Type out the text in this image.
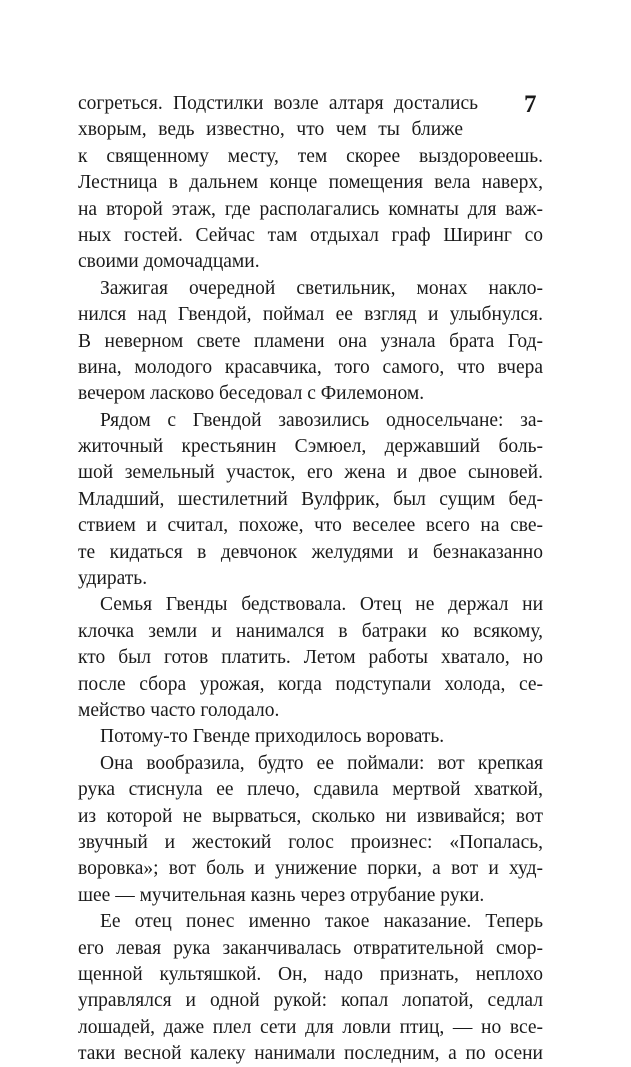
7
согреться. Подстилки возле алтаря достались
хворым, ведь известно, что чем ты ближе
к священному месту, тем скорее выздоровеешь.
Лестница в дальнем конце помещения вела наверх,
на второй этаж, где располагались комнаты для важ-
ных гостей. Сейчас там отдыхал граф Ширинг со
своими домочадцами.
Зажигая очередной светильник, монах накло-
нился над Гвендой, поймал ее взгляд и улыбнулся.
В неверном свете пламени она узнала брата Год-
вина, молодого красавчика, того самого, что вчера
вечером ласково беседовал с Филемоном.
Рядом с Гвендой завозились односельчане: за-
житочный крестьянин Сэмюел, державший боль-
шой земельный участок, его жена и двое сыновей.
Младший, шестилетний Вулфрик, был сущим бед-
ствием и считал, похоже, что веселее всего на све-
те кидаться в девчонок желудями и безнаказанно
удирать.
Семья Гвенды бедствовала. Отец не держал ни
клочка земли и нанимался в батраки ко всякому,
кто был готов платить. Летом работы хватало, но
после сбора урожая, когда подступали холода, се-
мейство часто голодало.
Потому-то Гвенде приходилось воровать.
Она вообразила, будто ее поймали: вот крепкая
рука стиснула ее плечо, сдавила мертвой хваткой,
из которой не вырваться, сколько ни извивайся; вот
звучный и жестокий голос произнес: «Попалась,
воровка»; вот боль и унижение порки, а вот и худ-
шее — мучительная казнь через отрубание руки.
Ее отец понес именно такое наказание. Теперь
его левая рука заканчивалась отвратительной смор-
щенной культяшкой. Он, надо признать, неплохо
управлялся и одной рукой: копал лопатой, седлал
лошадей, даже плел сети для ловли птиц, — но все-
таки весной калеку нанимали последним, а по осени
